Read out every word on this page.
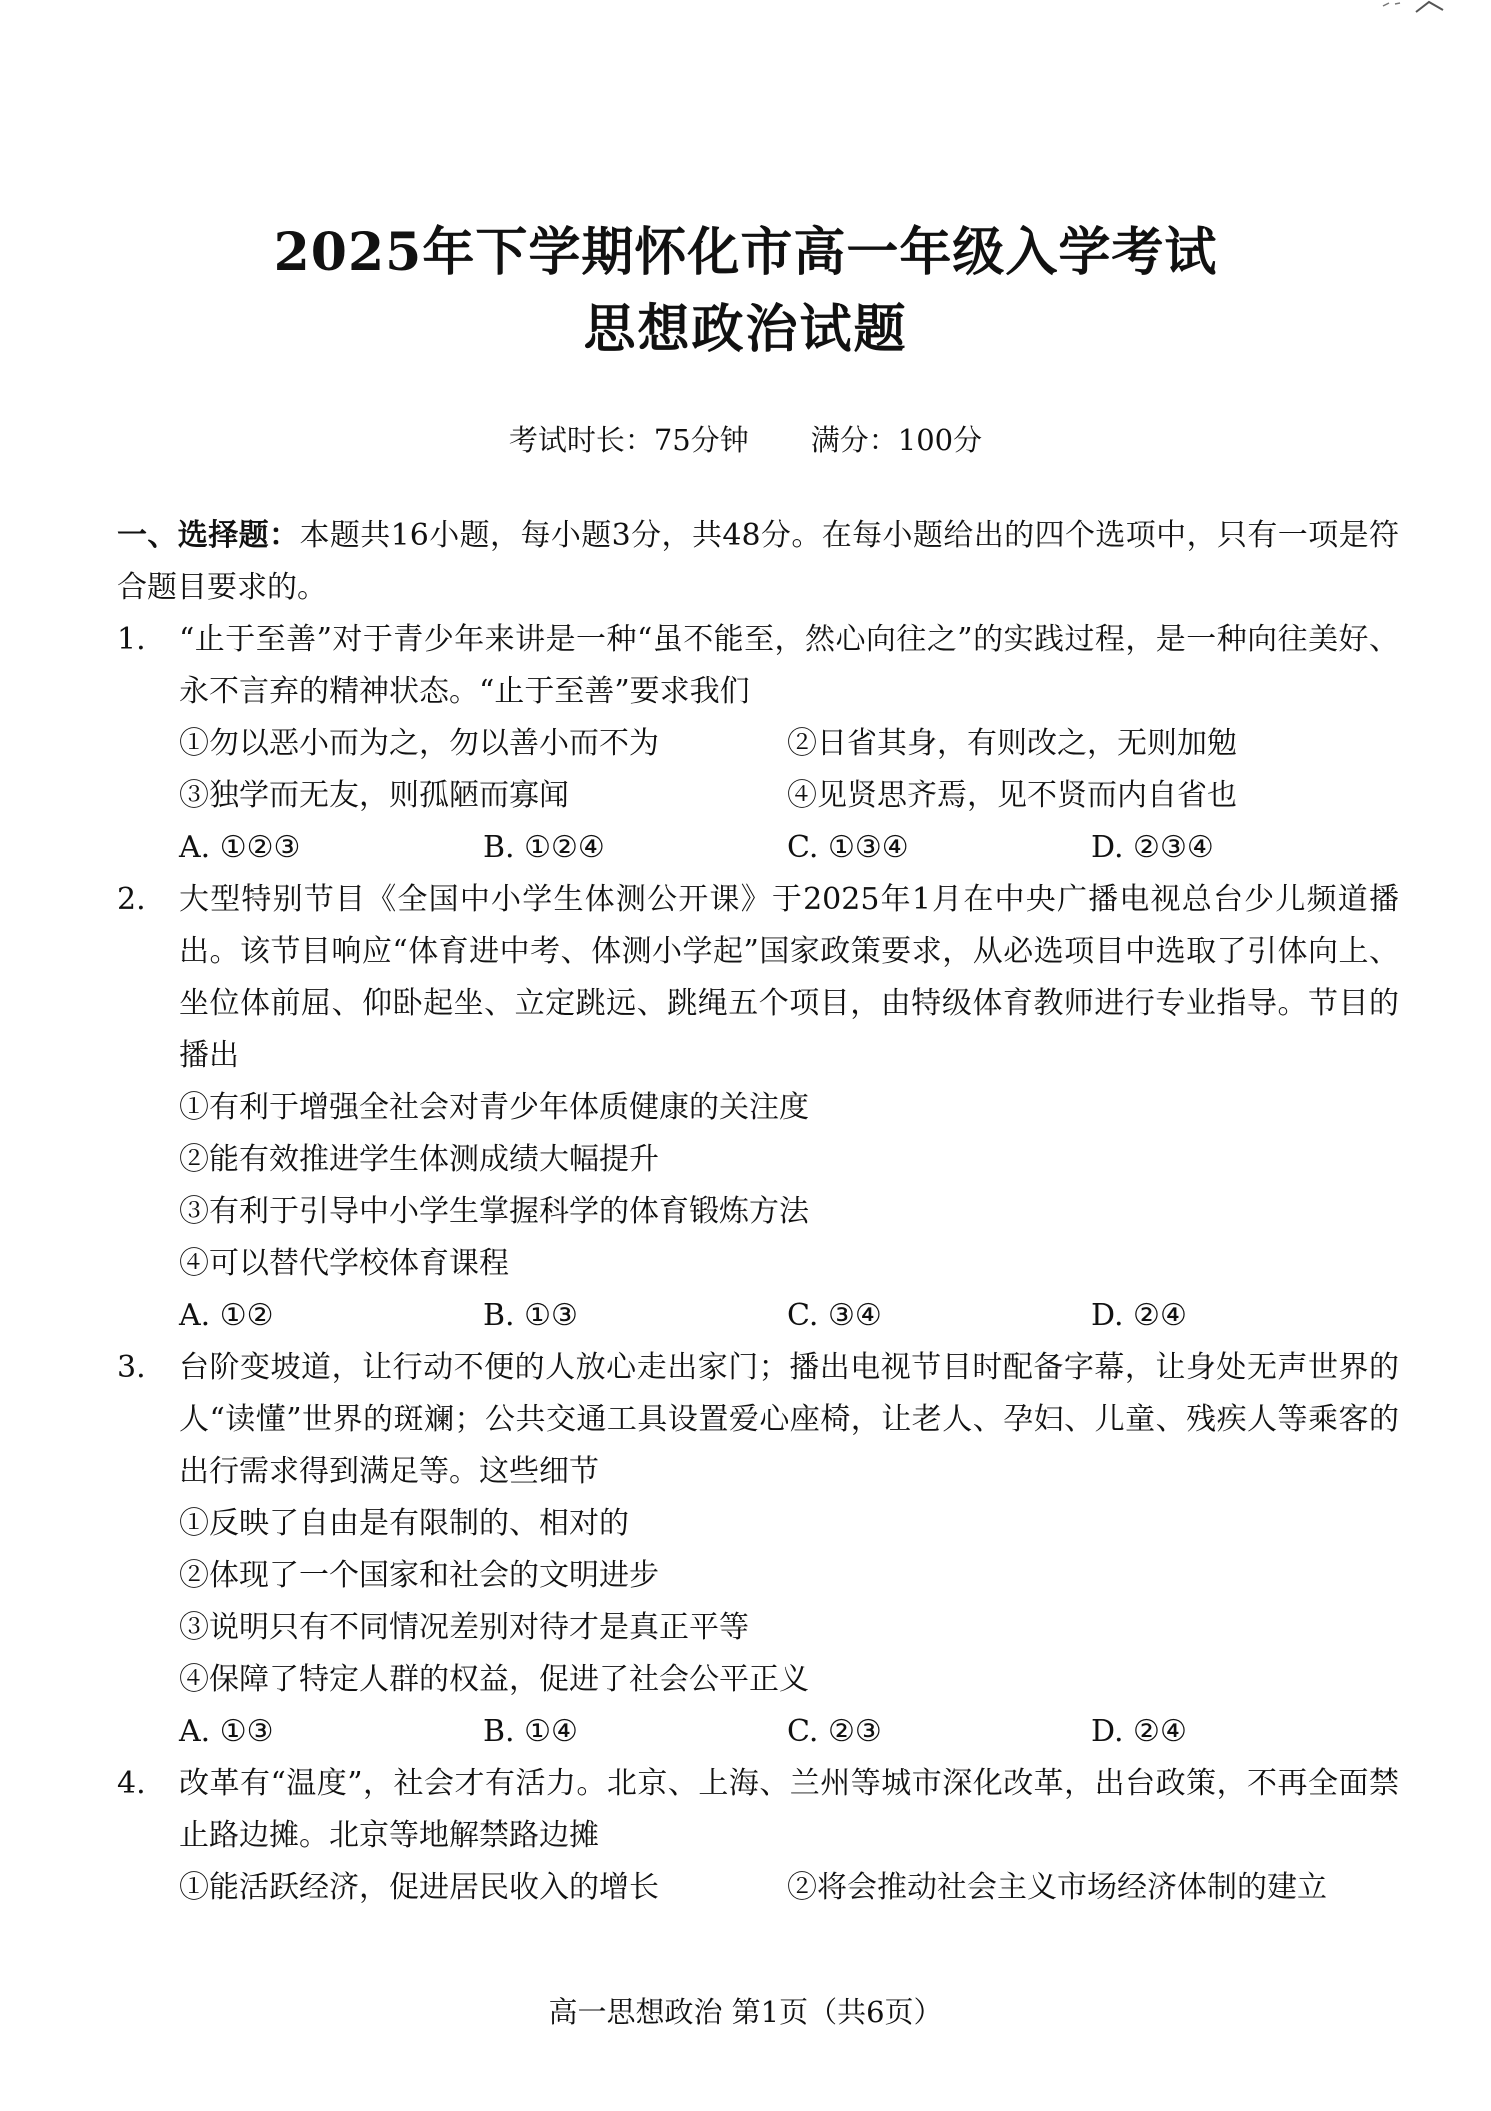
2025年下学期怀化市高一年级入学考试
思想政治试题
考试时长：75分钟 满分：100分

一、选择题：本题共16小题，每小题3分，共48分。在每小题给出的四个选项中，只有一项是符合题目要求的。

1. “止于至善”对于青少年来讲是一种“虽不能至，然心向往之”的实践过程，是一种向往美好、永不言弃的精神状态。“止于至善”要求我们

①勿以恶小而为之，勿以善小而不为	②日省其身，有则改之，无则加勉
③独学而无友，则孤陋而寡闻	④见贤思齐焉，见不贤而内自省也
A. ①②③	B. ①②④	C. ①③④	D. ②③④
2. 大型特别节目《全国中小学生体测公开课》于2025年1月在中央广播电视总台少儿频道播出。该节目响应“体育进中考、体测小学起”国家政策要求，从必选项目中选取了引体向上、坐位体前屈、仰卧起坐、立定跳远、跳绳五个项目，由特级体育教师进行专业指导。节目的播出

①有利于增强全社会对青少年体质健康的关注度

②能有效推进学生体测成绩大幅提升

③有利于引导中小学生掌握科学的体育锻炼方法

④可以替代学校体育课程

A. ①②	B. ①③	C. ③④	D. ②④
3. 台阶变坡道，让行动不便的人放心走出家门；播出电视节目时配备字幕，让身处无声世界的人“读懂”世界的斑斓；公共交通工具设置爱心座椅，让老人、孕妇、儿童、残疾人等乘客的出行需求得到满足等。这些细节

①反映了自由是有限制的、相对的

②体现了一个国家和社会的文明进步

③说明只有不同情况差别对待才是真正平等

④保障了特定人群的权益，促进了社会公平正义

A. ①③	B. ①④	C. ②③	D. ②④
4. 改革有“温度”，社会才有活力。北京、上海、兰州等城市深化改革，出台政策，不再全面禁止路边摊。北京等地解禁路边摊

①能活跃经济，促进居民收入的增长	②将会推动社会主义市场经济体制的建立
高一思想政治 第1页（共6页）
